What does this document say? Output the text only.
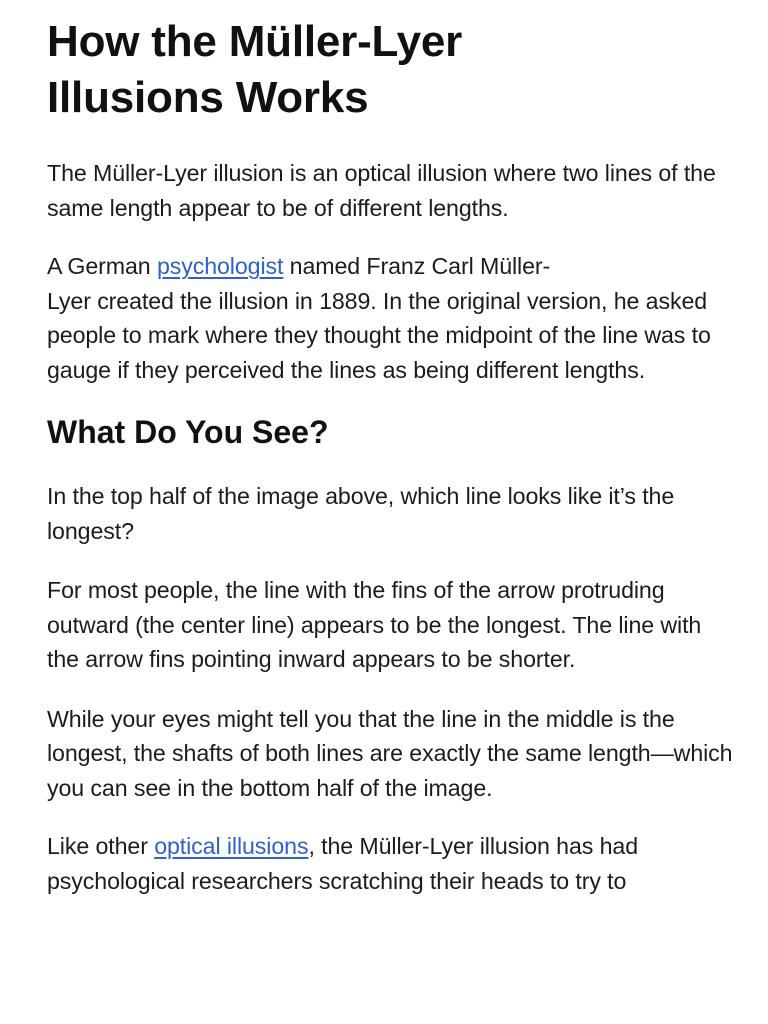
How the Müller-Lyer
Illusions Works

The Müller-Lyer illusion is an optical illusion where two lines of the same length appear to be of different lengths.

A German psychologist named Franz Carl Müller-
Lyer created the illusion in 1889. In the original version, he asked people to mark where they thought the midpoint of the line was to gauge if they perceived the lines as being different lengths.

What Do You See?

In the top half of the image above, which line looks like it’s the longest?

For most people, the line with the fins of the arrow protruding outward (the center line) appears to be the longest. The line with the arrow fins pointing inward appears to be shorter.

While your eyes might tell you that the line in the middle is the longest, the shafts of both lines are exactly the same length—which you can see in the bottom half of the image.

Like other optical illusions, the Müller-Lyer illusion has had psychological researchers scratching their heads to try to
